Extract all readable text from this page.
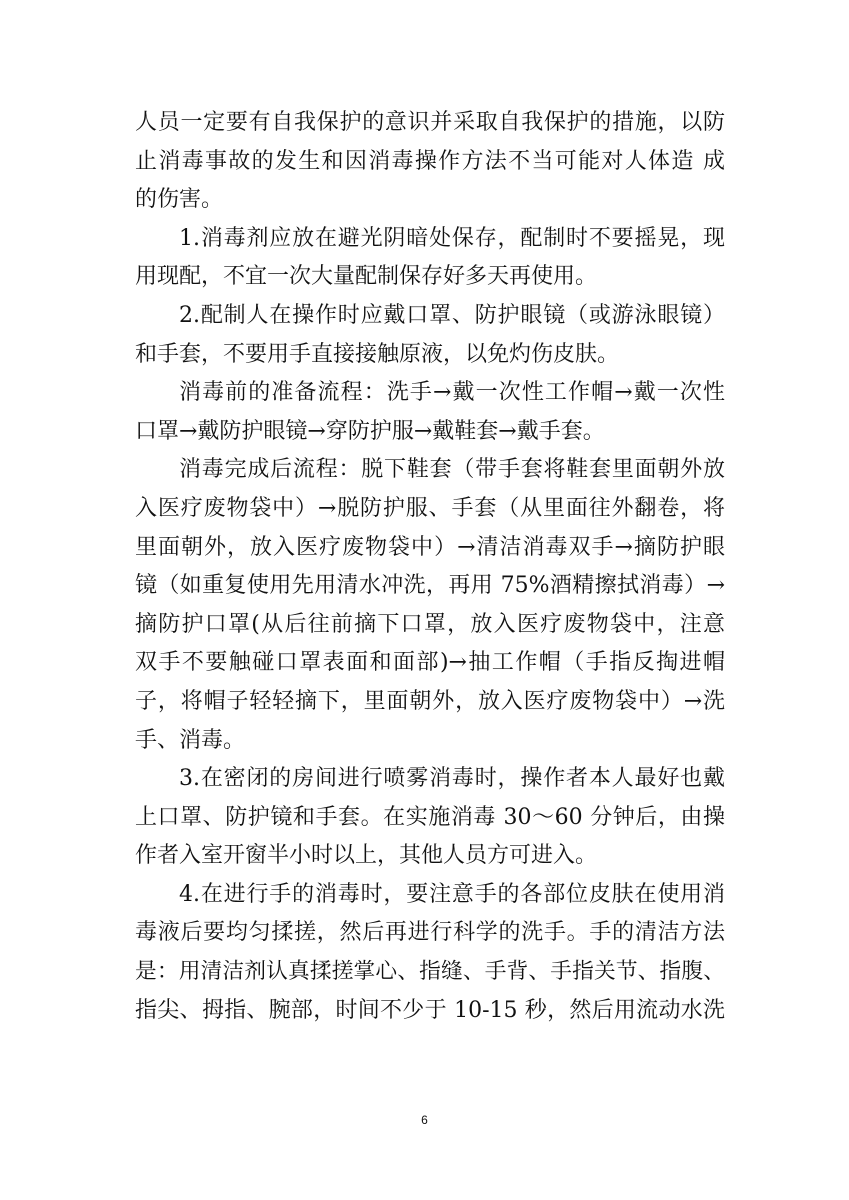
人员一定要有自我保护的意识并采取自我保护的措施，以防
止消毒事故的发生和因消毒操作方法不当可能对人体造 成
的伤害。
1.消毒剂应放在避光阴暗处保存，配制时不要摇晃，现
用现配，不宜一次大量配制保存好多天再使用。
2.配制人在操作时应戴口罩、防护眼镜（或游泳眼镜）
和手套，不要用手直接接触原液，以免灼伤皮肤。
消毒前的准备流程：洗手→戴一次性工作帽→戴一次性
口罩→戴防护眼镜→穿防护服→戴鞋套→戴手套。
消毒完成后流程：脱下鞋套（带手套将鞋套里面朝外放
入医疗废物袋中）→脱防护服、手套（从里面往外翻卷，将
里面朝外，放入医疗废物袋中）→清洁消毒双手→摘防护眼
镜（如重复使用先用清水冲洗，再用 75%酒精擦拭消毒）→
摘防护口罩(从后往前摘下口罩，放入医疗废物袋中，注意
双手不要触碰口罩表面和面部)→抽工作帽（手指反掏进帽
子，将帽子轻轻摘下，里面朝外，放入医疗废物袋中）→洗
手、消毒。
3.在密闭的房间进行喷雾消毒时，操作者本人最好也戴
上口罩、防护镜和手套。在实施消毒 30～60 分钟后，由操
作者入室开窗半小时以上，其他人员方可进入。
4.在进行手的消毒时，要注意手的各部位皮肤在使用消
毒液后要均匀揉搓，然后再进行科学的洗手。手的清洁方法
是：用清洁剂认真揉搓掌心、指缝、手背、手指关节、指腹、
指尖、拇指、腕部，时间不少于 10-15 秒，然后用流动水洗
6
